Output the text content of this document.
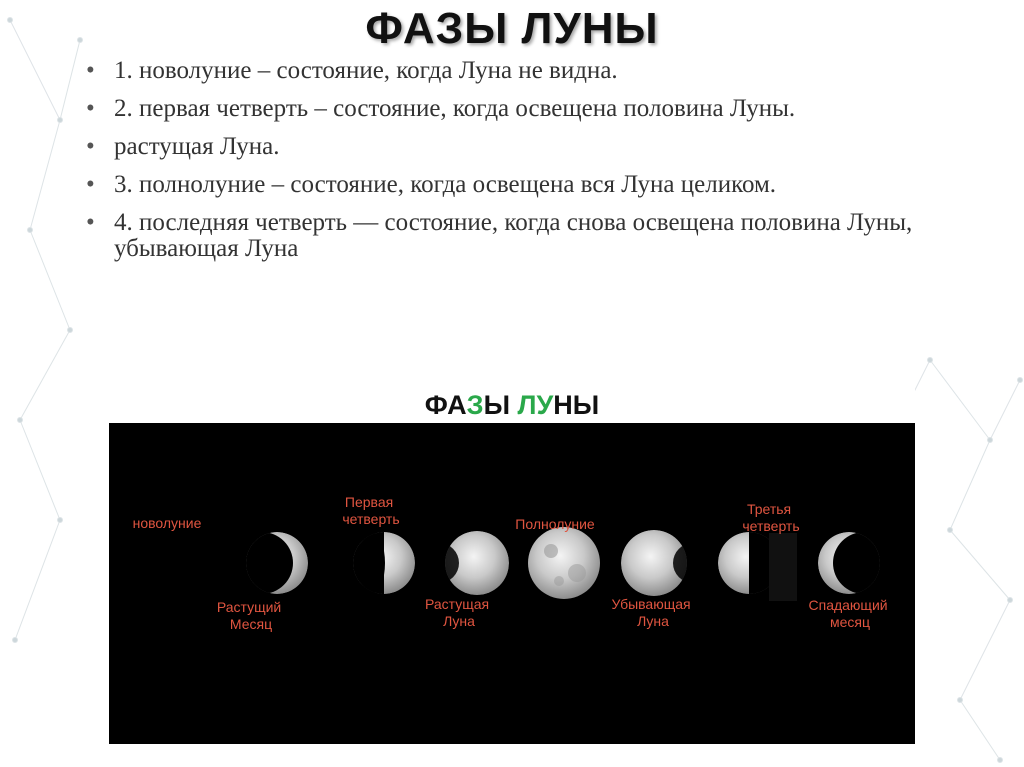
ФАЗЫ ЛУНЫ
• 1. новолуние – состояние, когда Луна не видна.
• 2. первая четверть – состояние, когда освещена половина Луны.
• растущая Луна.
• 3. полнолуние – состояние, когда освещена вся Луна целиком.
• 4. последняя четверть — состояние, когда снова освещена половина Луны, убывающая Луна
ФАЗЫ ЛУНЫ
новолуние
Первая четверть
Растущий Месяц
Растущая Луна
Полнолуние
Убывающая Луна
Третья четверть
Спадающий месяц
